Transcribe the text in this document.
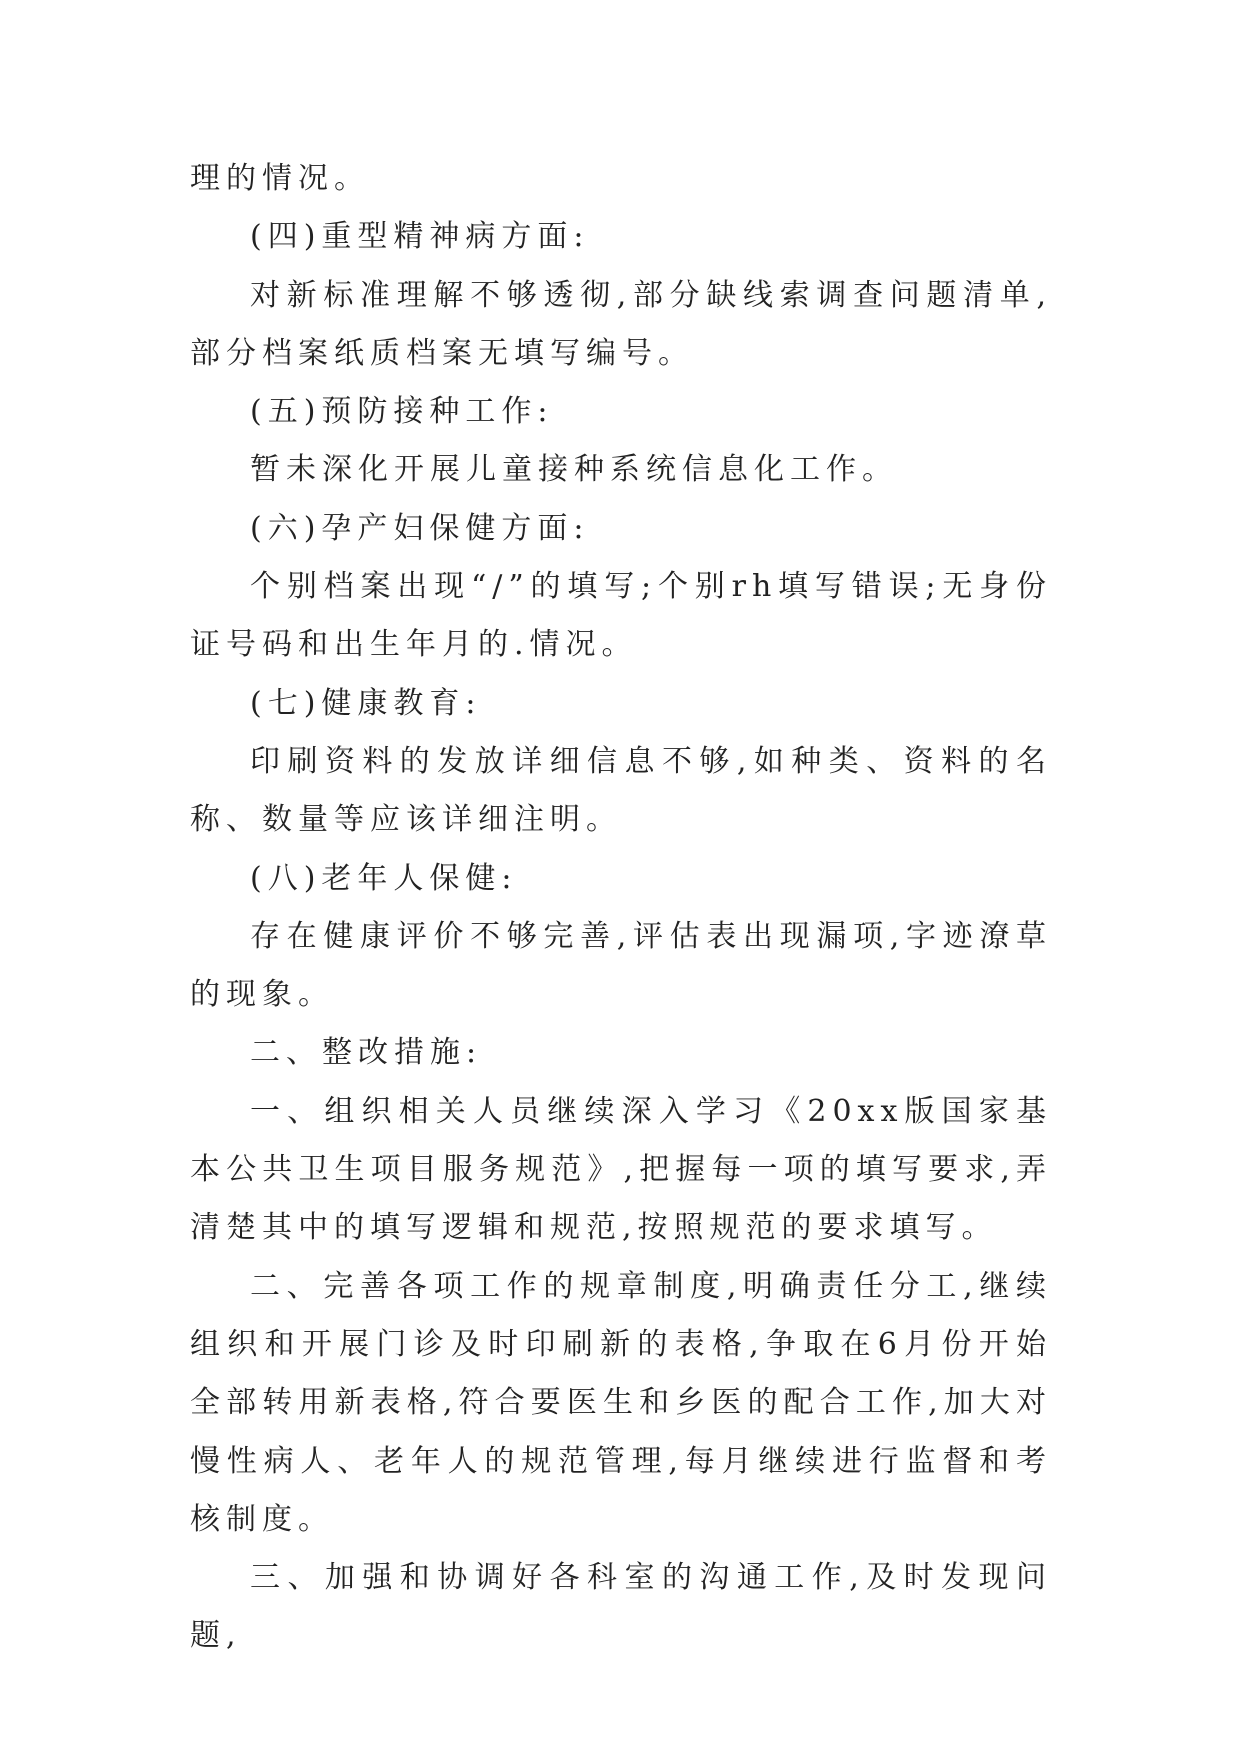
理的情况。

(四)重型精神病方面:

对新标准理解不够透彻,部分缺线索调查问题清单,部分档案纸质档案无填写编号。

(五)预防接种工作:

暂未深化开展儿童接种系统信息化工作。

(六)孕产妇保健方面:

个别档案出现“/”的填写;个别rh填写错误;无身份证号码和出生年月的.情况。

(七)健康教育:

印刷资料的发放详细信息不够,如种类、资料的名称、数量等应该详细注明。

(八)老年人保健:

存在健康评价不够完善,评估表出现漏项,字迹潦草的现象。

二、整改措施:

一、组织相关人员继续深入学习《20xx版国家基本公共卫生项目服务规范》,把握每一项的填写要求,弄清楚其中的填写逻辑和规范,按照规范的要求填写。

二、完善各项工作的规章制度,明确责任分工,继续组织和开展门诊及时印刷新的表格,争取在6月份开始全部转用新表格,符合要医生和乡医的配合工作,加大对慢性病人、老年人的规范管理,每月继续进行监督和考核制度。

三、加强和协调好各科室的沟通工作,及时发现问题,
